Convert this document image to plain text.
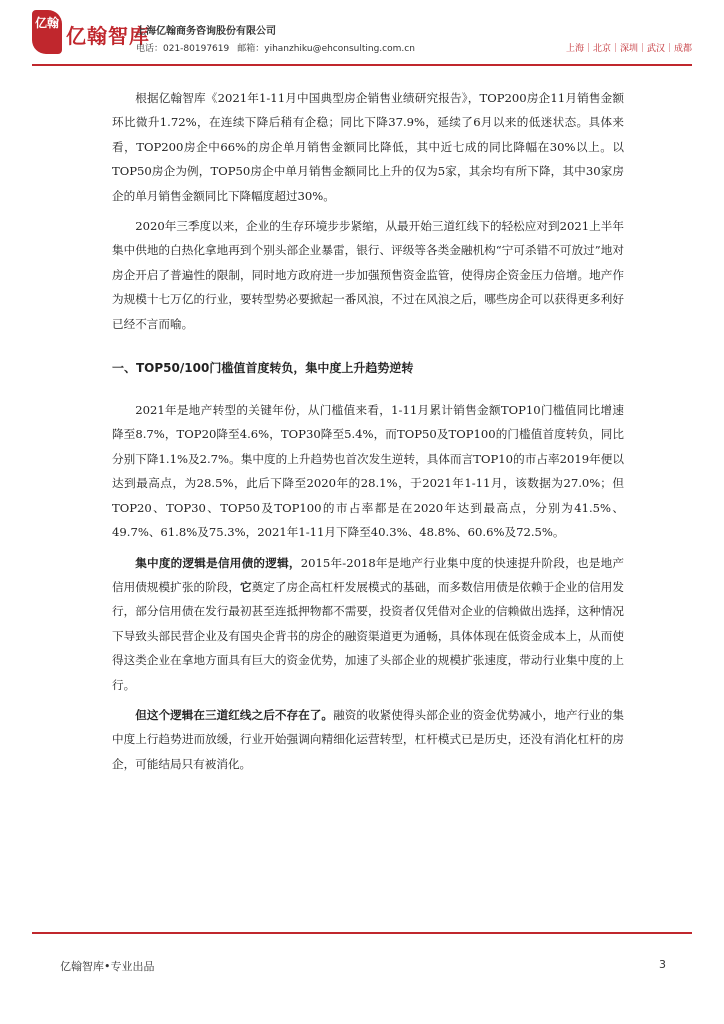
亿翰
亿翰智库
上海亿翰商务咨询股份有限公司
电话：021-80197619 邮箱：yihanzhiku@ehconsulting.com.cn	上海｜北京｜深圳｜武汉｜成都

根据亿翰智库《2021年1-11月中国典型房企销售业绩研究报告》，TOP200房企11月销售金额环比微升1.72%，在连续下降后稍有企稳；同比下降37.9%，延续了6月以来的低迷状态。具体来看，TOP200房企中66%的房企单月销售金额同比降低，其中近七成的同比降幅在30%以上。以TOP50房企为例，TOP50房企中单月销售金额同比上升的仅为5家，其余均有所下降，其中30家房企的单月销售金额同比下降幅度超过30%。

2020年三季度以来，企业的生存环境步步紧缩，从最开始三道红线下的轻松应对到2021上半年集中供地的白热化拿地再到个别头部企业暴雷，银行、评级等各类金融机构“宁可杀错不可放过”地对房企开启了普遍性的限制，同时地方政府进一步加强预售资金监管，使得房企资金压力倍增。地产作为规模十七万亿的行业，要转型势必要掀起一番风浪，不过在风浪之后，哪些房企可以获得更多利好已经不言而喻。

一、TOP50/100门槛值首度转负，集中度上升趋势逆转

2021年是地产转型的关键年份，从门槛值来看，1-11月累计销售金额TOP10门槛值同比增速降至8.7%，TOP20降至4.6%，TOP30降至5.4%，而TOP50及TOP100的门槛值首度转负，同比分别下降1.1%及2.7%。集中度的上升趋势也首次发生逆转，具体而言TOP10的市占率2019年便以达到最高点，为28.5%，此后下降至2020年的28.1%，于2021年1-11月，该数据为27.0%；但TOP20、TOP30、TOP50及TOP100的市占率都是在2020年达到最高点，分别为41.5%、49.7%、61.8%及75.3%，2021年1-11月下降至40.3%、48.8%、60.6%及72.5%。

集中度的逻辑是信用债的逻辑，2015年-2018年是地产行业集中度的快速提升阶段，也是地产信用债规模扩张的阶段，它奠定了房企高杠杆发展模式的基础，而多数信用债是依赖于企业的信用发行，部分信用债在发行最初甚至连抵押物都不需要，投资者仅凭借对企业的信赖做出选择，这种情况下导致头部民营企业及有国央企背书的房企的融资渠道更为通畅，具体体现在低资金成本上，从而使得这类企业在拿地方面具有巨大的资金优势，加速了头部企业的规模扩张速度，带动行业集中度的上行。

但这个逻辑在三道红线之后不存在了。融资的收紧使得头部企业的资金优势减小，地产行业的集中度上行趋势进而放缓，行业开始强调向精细化运营转型，杠杆模式已是历史，还没有消化杠杆的房企，可能结局只有被消化。

亿翰智库•专业出品	3
